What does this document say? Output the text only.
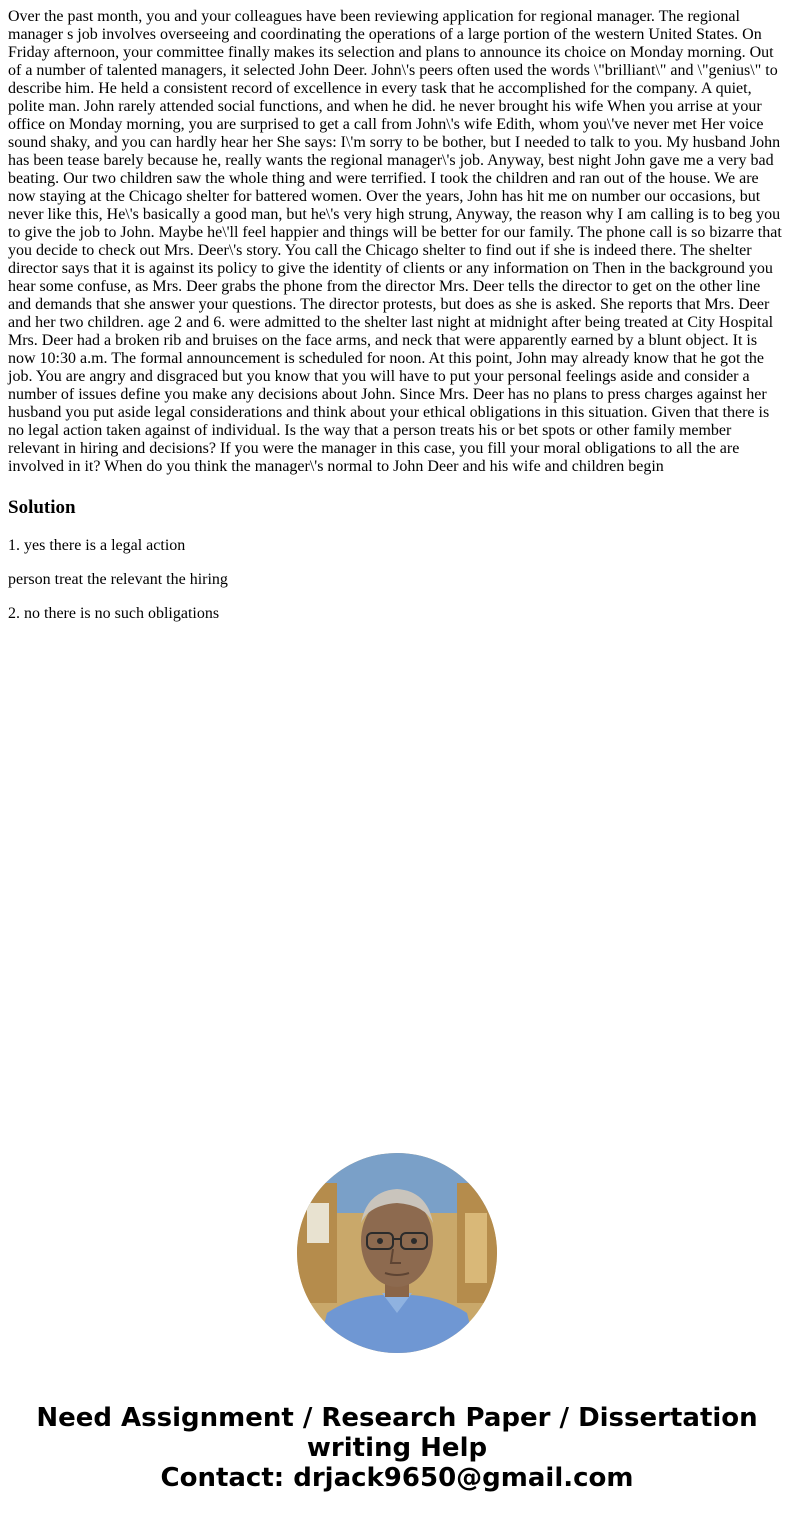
Over the past month, you and your colleagues have been reviewing application for regional manager. The regional manager s job involves overseeing and coordinating the operations of a large portion of the western United States. On Friday afternoon, your committee finally makes its selection and plans to announce its choice on Monday morning. Out of a number of talented managers, it selected John Deer. John\'s peers often used the words \"brilliant\" and \"genius\" to describe him. He held a consistent record of excellence in every task that he accomplished for the company. A quiet, polite man. John rarely attended social functions, and when he did. he never brought his wife When you arrise at your office on Monday morning, you are surprised to get a call from John\'s wife Edith, whom you\'ve never met Her voice sound shaky, and you can hardly hear her She says: I\'m sorry to be bother, but I needed to talk to you. My husband John has been tease barely because he, really wants the regional manager\'s job. Anyway, best night John gave me a very bad beating. Our two children saw the whole thing and were terrified. I took the children and ran out of the house. We are now staying at the Chicago shelter for battered women. Over the years, John has hit me on number our occasions, but never like this, He\'s basically a good man, but he\'s very high strung, Anyway, the reason why I am calling is to beg you to give the job to John. Maybe he\'ll feel happier and things will be better for our family. The phone call is so bizarre that you decide to check out Mrs. Deer\'s story. You call the Chicago shelter to find out if she is indeed there. The shelter director says that it is against its policy to give the identity of clients or any information on Then in the background you hear some confuse, as Mrs. Deer grabs the phone from the director Mrs. Deer tells the director to get on the other line and demands that she answer your questions. The director protests, but does as she is asked. She reports that Mrs. Deer and her two children. age 2 and 6. were admitted to the shelter last night at midnight after being treated at City Hospital Mrs. Deer had a broken rib and bruises on the face arms, and neck that were apparently earned by a blunt object. It is now 10:30 a.m. The formal announcement is scheduled for noon. At this point, John may already know that he got the job. You are angry and disgraced but you know that you will have to put your personal feelings aside and consider a number of issues define you make any decisions about John. Since Mrs. Deer has no plans to press charges against her husband you put aside legal considerations and think about your ethical obligations in this situation. Given that there is no legal action taken against of individual. Is the way that a person treats his or bet spots or other family member relevant in hiring and decisions? If you were the manager in this case, you fill your moral obligations to all the are involved in it? When do you think the manager\'s normal to John Deer and his wife and children begin

Solution

1. yes there is a legal action

person treat the relevant the hiring

2. no there is no such obligations

Need Assignment / Research Paper / Dissertation
writing Help
Contact: drjack9650@gmail.com
